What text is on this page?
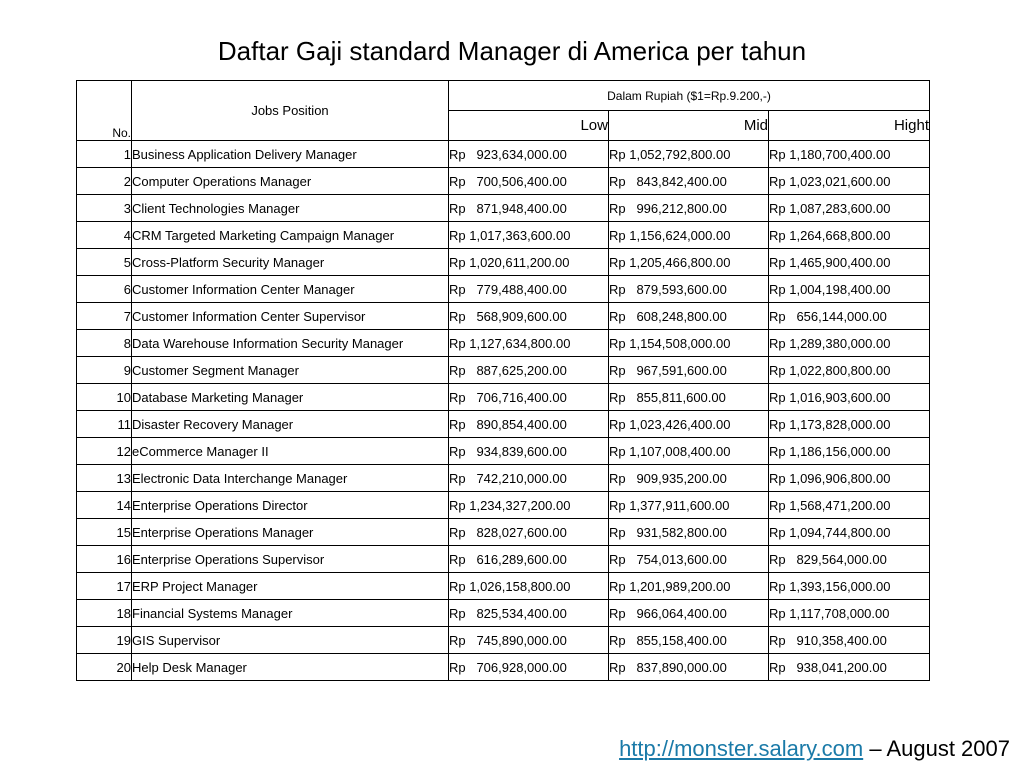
Daftar Gaji standard Manager di America per tahun
No.	Jobs Position	Dalam Rupiah ($1=Rp.9.200,-)		
		Low	Mid	Hight
1	Business Application Delivery Manager	Rp   923,634,000.00	Rp 1,052,792,800.00	Rp 1,180,700,400.00
2	Computer Operations Manager	Rp   700,506,400.00	Rp   843,842,400.00	Rp 1,023,021,600.00
3	Client Technologies Manager	Rp   871,948,400.00	Rp   996,212,800.00	Rp 1,087,283,600.00
4	CRM Targeted Marketing Campaign Manager	Rp 1,017,363,600.00	Rp 1,156,624,000.00	Rp 1,264,668,800.00
5	Cross-Platform Security Manager	Rp 1,020,611,200.00	Rp 1,205,466,800.00	Rp 1,465,900,400.00
6	Customer Information Center Manager	Rp   779,488,400.00	Rp   879,593,600.00	Rp 1,004,198,400.00
7	Customer Information Center Supervisor	Rp   568,909,600.00	Rp   608,248,800.00	Rp   656,144,000.00
8	Data Warehouse Information Security Manager	Rp 1,127,634,800.00	Rp 1,154,508,000.00	Rp 1,289,380,000.00
9	Customer Segment Manager	Rp   887,625,200.00	Rp   967,591,600.00	Rp 1,022,800,800.00
10	Database Marketing Manager	Rp   706,716,400.00	Rp   855,811,600.00	Rp 1,016,903,600.00
11	Disaster Recovery Manager	Rp   890,854,400.00	Rp 1,023,426,400.00	Rp 1,173,828,000.00
12	eCommerce Manager II	Rp   934,839,600.00	Rp 1,107,008,400.00	Rp 1,186,156,000.00
13	Electronic Data Interchange Manager	Rp   742,210,000.00	Rp   909,935,200.00	Rp 1,096,906,800.00
14	Enterprise Operations Director	Rp 1,234,327,200.00	Rp 1,377,911,600.00	Rp 1,568,471,200.00
15	Enterprise Operations Manager	Rp   828,027,600.00	Rp   931,582,800.00	Rp 1,094,744,800.00
16	Enterprise Operations Supervisor	Rp   616,289,600.00	Rp   754,013,600.00	Rp   829,564,000.00
17	ERP Project Manager	Rp 1,026,158,800.00	Rp 1,201,989,200.00	Rp 1,393,156,000.00
18	Financial Systems Manager	Rp   825,534,400.00	Rp   966,064,400.00	Rp 1,117,708,000.00
19	GIS Supervisor	Rp   745,890,000.00	Rp   855,158,400.00	Rp   910,358,400.00
20	Help Desk Manager	Rp   706,928,000.00	Rp   837,890,000.00	Rp   938,041,200.00
http://monster.salary.com – August 2007
